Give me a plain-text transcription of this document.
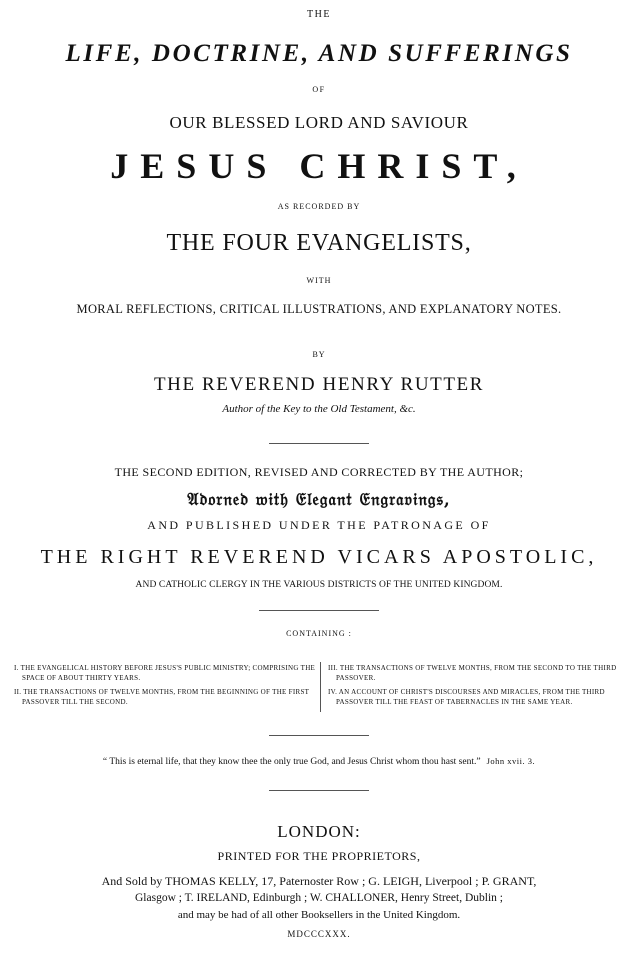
THE
LIFE, DOCTRINE, AND SUFFERINGS
OF
OUR BLESSED LORD AND SAVIOUR
JESUS CHRIST,
AS RECORDED BY
THE FOUR EVANGELISTS,
WITH
MORAL REFLECTIONS, CRITICAL ILLUSTRATIONS, AND EXPLANATORY NOTES.
BY
THE REVEREND HENRY RUTTER
Author of the Key to the Old Testament, &c.
THE SECOND EDITION, REVISED AND CORRECTED BY THE AUTHOR;
𝔄𝔡𝔬𝔯𝔫𝔢𝔡 𝔴𝔦𝔱𝔥 𝔈𝔩𝔢𝔤𝔞𝔫𝔱 𝔈𝔫𝔤𝔯𝔞𝔳𝔦𝔫𝔤𝔰,
AND PUBLISHED UNDER THE PATRONAGE OF
THE RIGHT REVEREND VICARS APOSTOLIC,
AND CATHOLIC CLERGY IN THE VARIOUS DISTRICTS OF THE UNITED KINGDOM.
CONTAINING :

I. THE EVANGELICAL HISTORY BEFORE JESUS'S PUBLIC MINISTRY; COMPRISING THE SPACE OF ABOUT THIRTY YEARS.

II. THE TRANSACTIONS OF TWELVE MONTHS, FROM THE BEGINNING OF THE FIRST PASSOVER TILL THE SECOND.

III. THE TRANSACTIONS OF TWELVE MONTHS, FROM THE SECOND TO THE THIRD PASSOVER.

IV. AN ACCOUNT OF CHRIST'S DISCOURSES AND MIRACLES, FROM THE THIRD PASSOVER TILL THE FEAST OF TABERNACLES IN THE SAME YEAR.

“ This is eternal life, that they know thee the only true God, and Jesus Christ whom thou hast sent.” John xvii. 3.
LONDON:
PRINTED FOR THE PROPRIETORS,
And Sold by THOMAS KELLY, 17, Paternoster Row ; G. LEIGH, Liverpool ; P. GRANT,
Glasgow ; T. IRELAND, Edinburgh ; W. CHALLONER, Henry Street, Dublin ;
and may be had of all other Booksellers in the United Kingdom.
MDCCCXXX.
